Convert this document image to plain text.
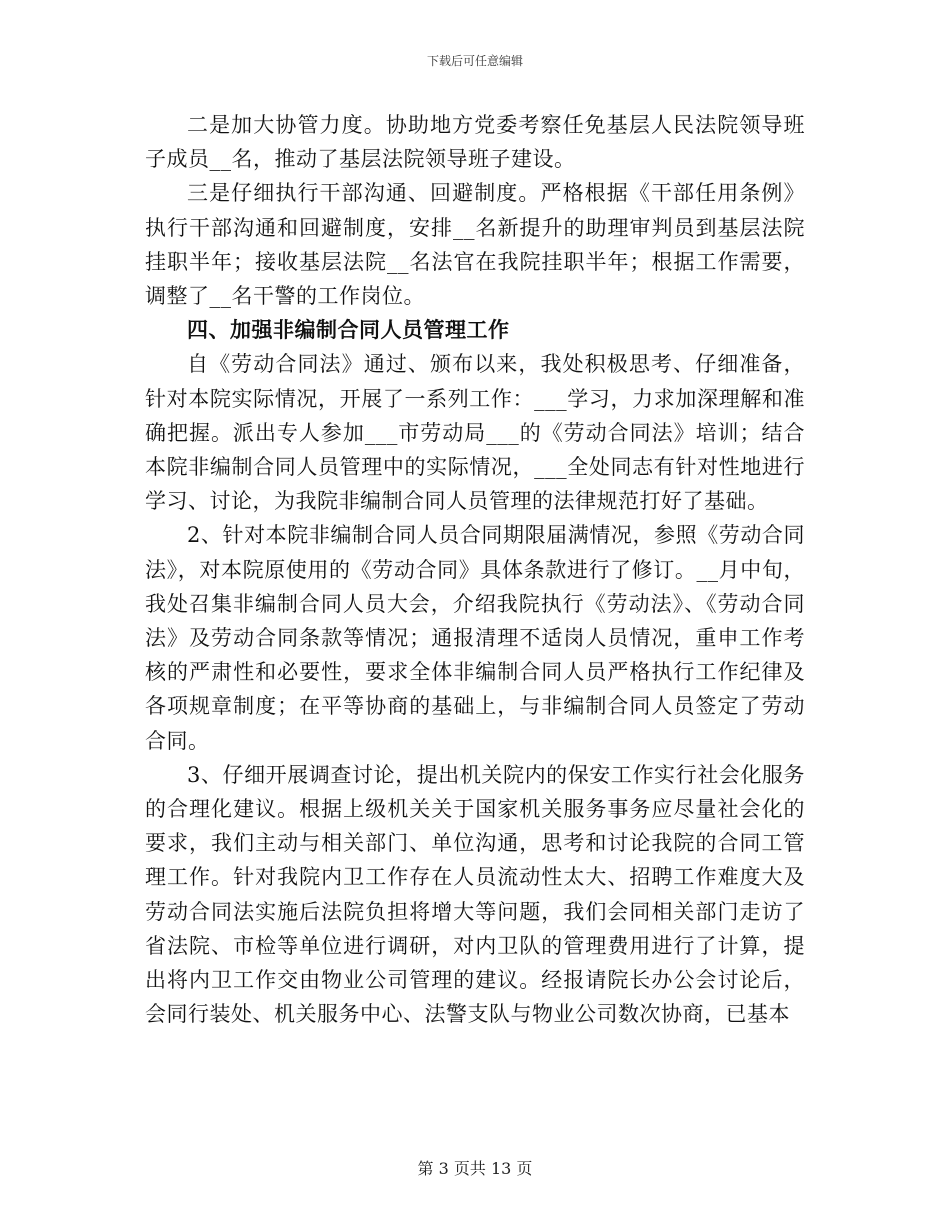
下载后可任意编辑

二是加大协管力度。协助地方党委考察任免基层人民法院领导班子成员__名，推动了基层法院领导班子建设。

三是仔细执行干部沟通、回避制度。严格根据《干部任用条例》执行干部沟通和回避制度，安排__名新提升的助理审判员到基层法院挂职半年；接收基层法院__名法官在我院挂职半年；根据工作需要，调整了__名干警的工作岗位。

四、加强非编制合同人员管理工作

自《劳动合同法》通过、颁布以来，我处积极思考、仔细准备，针对本院实际情况，开展了一系列工作：___学习，力求加深理解和准确把握。派出专人参加___市劳动局___的《劳动合同法》培训；结合本院非编制合同人员管理中的实际情况，___全处同志有针对性地进行学习、讨论，为我院非编制合同人员管理的法律规范打好了基础。

2、针对本院非编制合同人员合同期限届满情况，参照《劳动合同法》，对本院原使用的《劳动合同》具体条款进行了修订。__月中旬，我处召集非编制合同人员大会，介绍我院执行《劳动法》、《劳动合同法》及劳动合同条款等情况；通报清理不适岗人员情况，重申工作考核的严肃性和必要性，要求全体非编制合同人员严格执行工作纪律及各项规章制度；在平等协商的基础上，与非编制合同人员签定了劳动合同。

3、仔细开展调查讨论，提出机关院内的保安工作实行社会化服务的合理化建议。根据上级机关关于国家机关服务事务应尽量社会化的要求，我们主动与相关部门、单位沟通，思考和讨论我院的合同工管理工作。针对我院内卫工作存在人员流动性太大、招聘工作难度大及劳动合同法实施后法院负担将增大等问题，我们会同相关部门走访了省法院、市检等单位进行调研，对内卫队的管理费用进行了计算，提出将内卫工作交由物业公司管理的建议。经报请院长办公会讨论后，会同行装处、机关服务中心、法警支队与物业公司数次协商，已基本

第 3 页共 13 页
